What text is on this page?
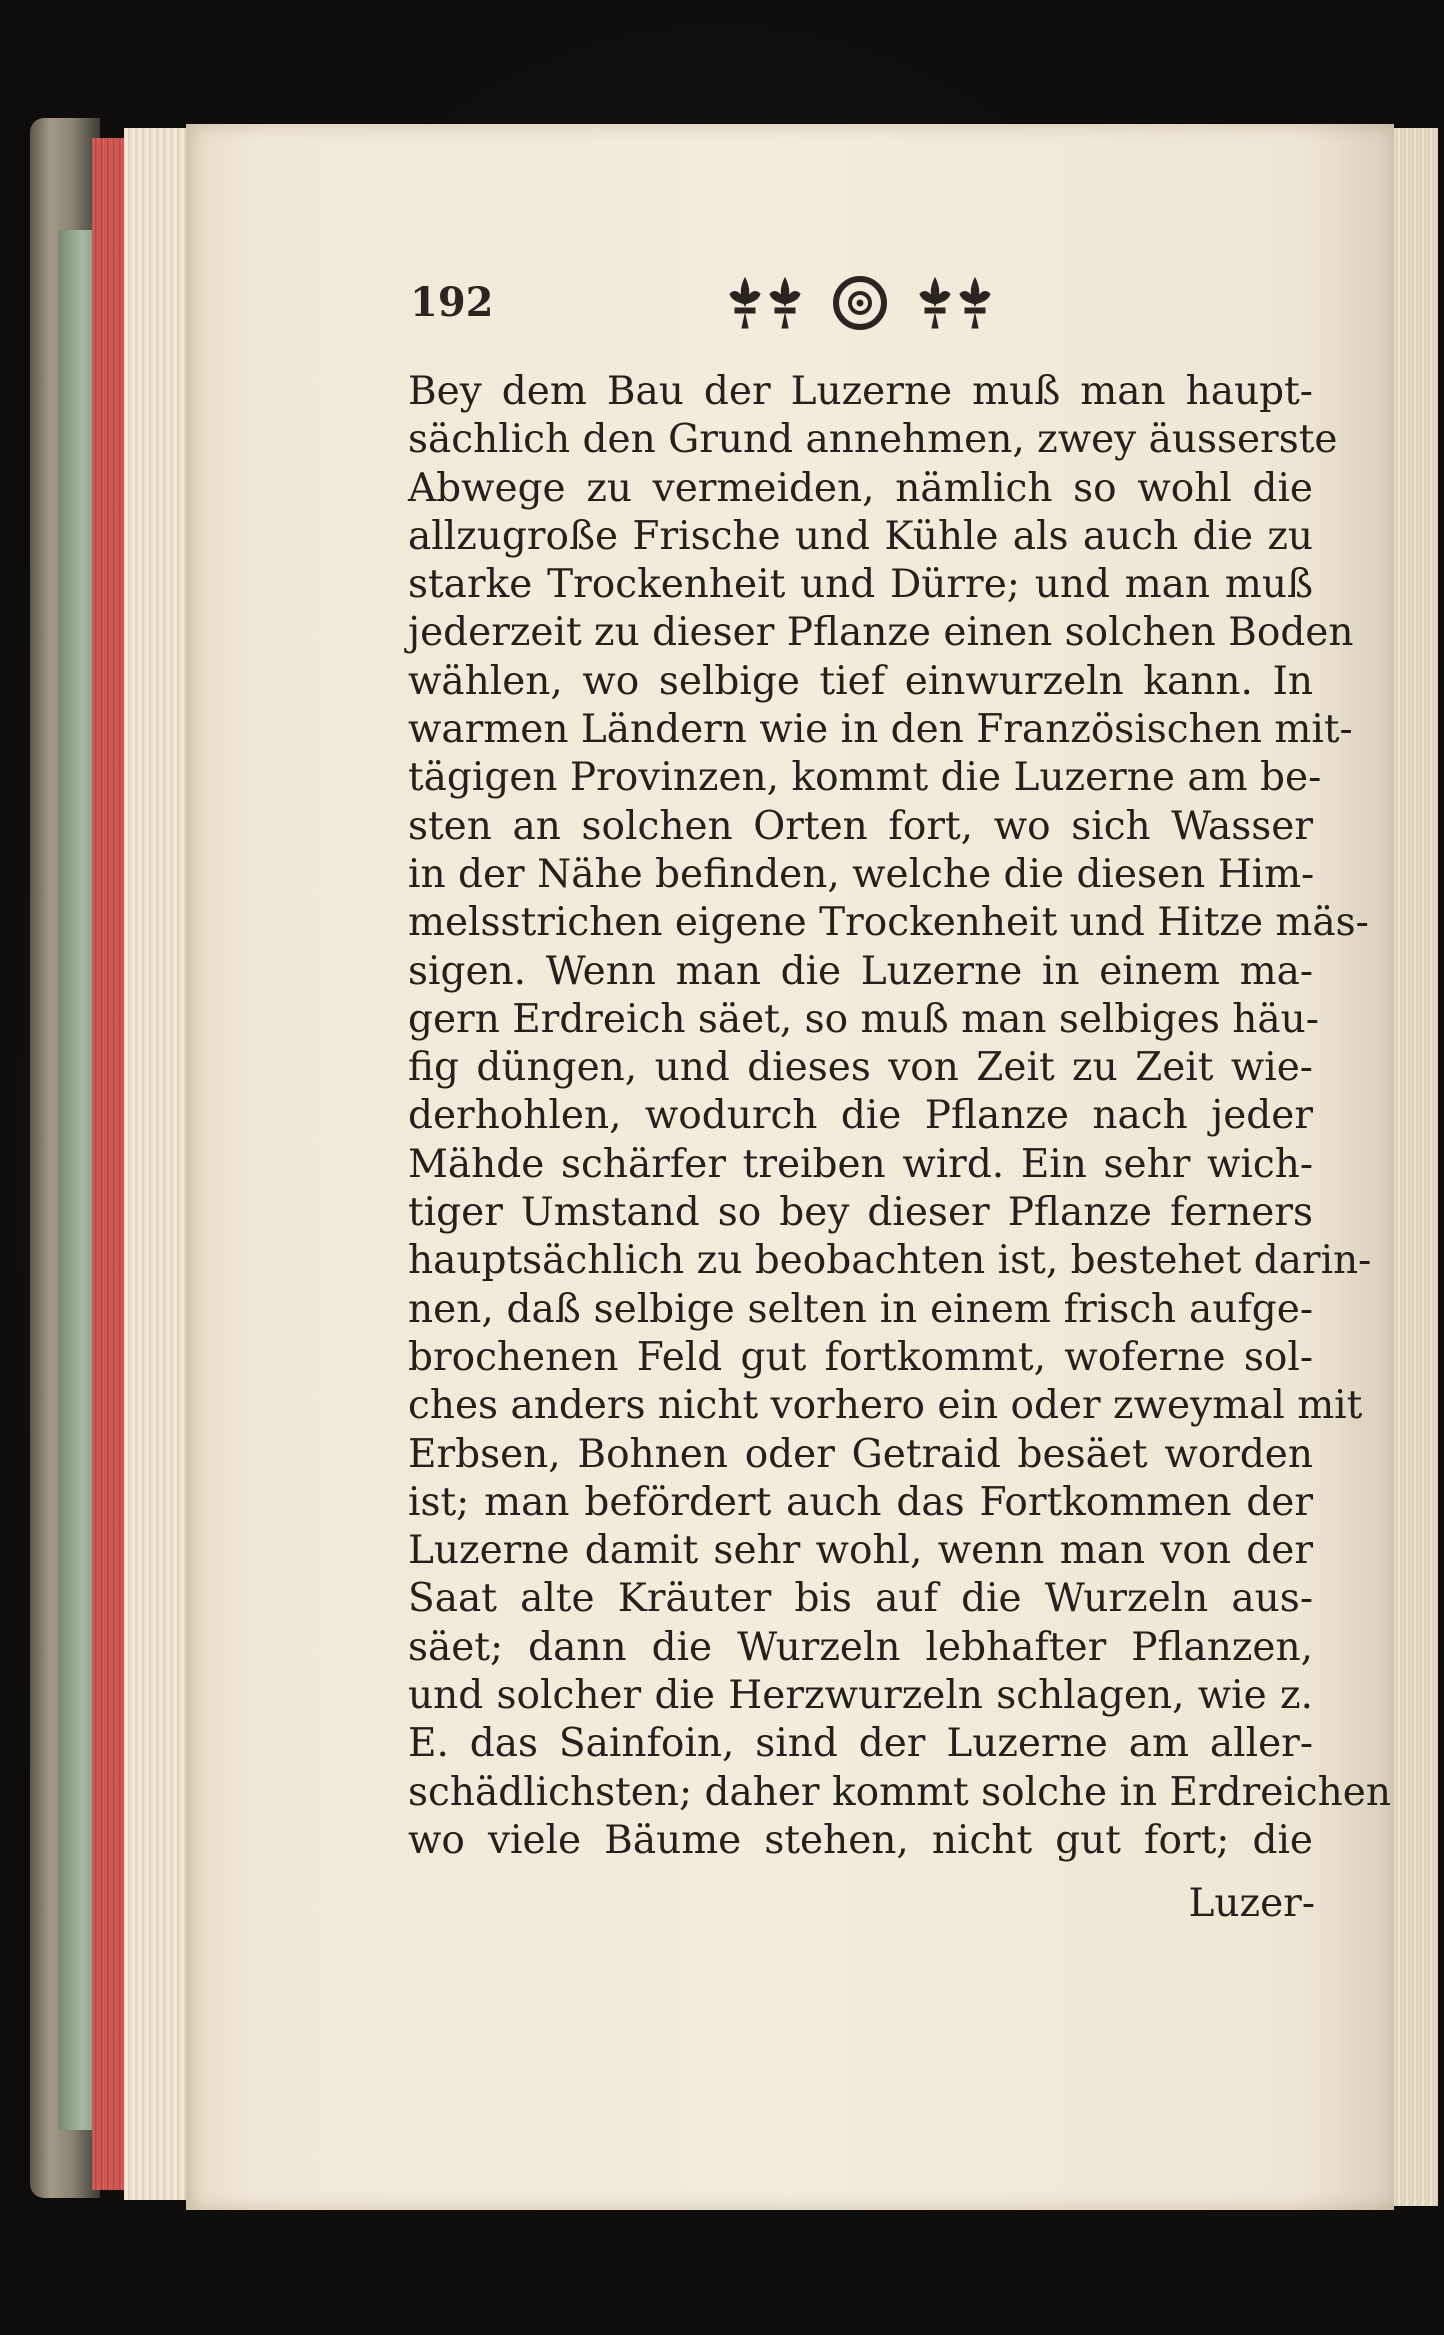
192
Bey dem Bau der Luzerne muß man haupt-
sächlich den Grund annehmen, zwey äusserste
Abwege zu vermeiden, nämlich so wohl die
allzugroße Frische und Kühle als auch die zu
starke Trockenheit und Dürre; und man muß
jederzeit zu dieser Pflanze einen solchen Boden
wählen, wo selbige tief einwurzeln kann. In
warmen Ländern wie in den Französischen mit-
tägigen Provinzen, kommt die Luzerne am be-
sten an solchen Orten fort, wo sich Wasser
in der Nähe befinden, welche die diesen Him-
melsstrichen eigene Trockenheit und Hitze mäs-
sigen. Wenn man die Luzerne in einem ma-
gern Erdreich säet, so muß man selbiges häu-
fig düngen, und dieses von Zeit zu Zeit wie-
derhohlen, wodurch die Pflanze nach jeder
Mähde schärfer treiben wird. Ein sehr wich-
tiger Umstand so bey dieser Pflanze ferners
hauptsächlich zu beobachten ist, bestehet darin-
nen, daß selbige selten in einem frisch aufge-
brochenen Feld gut fortkommt, woferne sol-
ches anders nicht vorhero ein oder zweymal mit
Erbsen, Bohnen oder Getraid besäet worden
ist; man befördert auch das Fortkommen der
Luzerne damit sehr wohl, wenn man von der
Saat alte Kräuter bis auf die Wurzeln aus-
säet; dann die Wurzeln lebhafter Pflanzen,
und solcher die Herzwurzeln schlagen, wie z.
E. das Sainfoin, sind der Luzerne am aller-
schädlichsten; daher kommt solche in Erdreichen
wo viele Bäume stehen, nicht gut fort; die
Luzer-
